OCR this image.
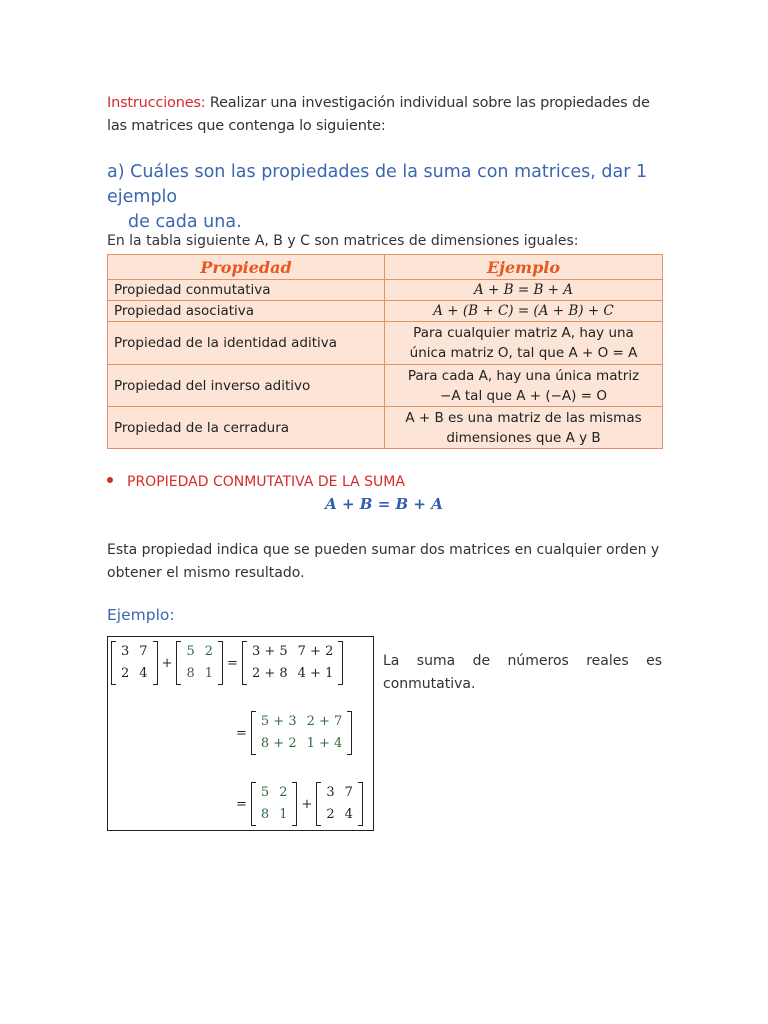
Instrucciones: Realizar una investigación individual sobre las propiedades de las matrices que contenga lo siguiente:
a) Cuáles son las propiedades de la suma con matrices, dar 1 ejemplo
de cada una.
En la tabla siguiente A, B y C son matrices de dimensiones iguales:
Propiedad	Ejemplo
Propiedad conmutativa	A + B = B + A
Propiedad asociativa	A + (B + C) = (A + B) + C
Propiedad de la identidad aditiva	Para cualquier matriz A, hay una
única matriz O, tal que A + O = A

Propiedad del inverso aditivo	Para cada A, hay una única matriz
−A tal que A + (−A) = O

Propiedad de la cerradura	A + B es una matriz de las mismas
dimensiones que A y B
PROPIEDAD CONMUTATIVA DE LA SUMA
A + B = B + A
Esta propiedad indica que se pueden sumar dos matrices en cualquier orden y obtener el mismo resultado.
Ejemplo:
3	7
2	4
+
5	2
8	1
=
3 + 5	7 + 2
2 + 8	4 + 1
=
5 + 3	2 + 7
8 + 2	1 + 4
=
5	2
8	1
+
3	7
2	4
La suma de números reales es
conmutativa.
